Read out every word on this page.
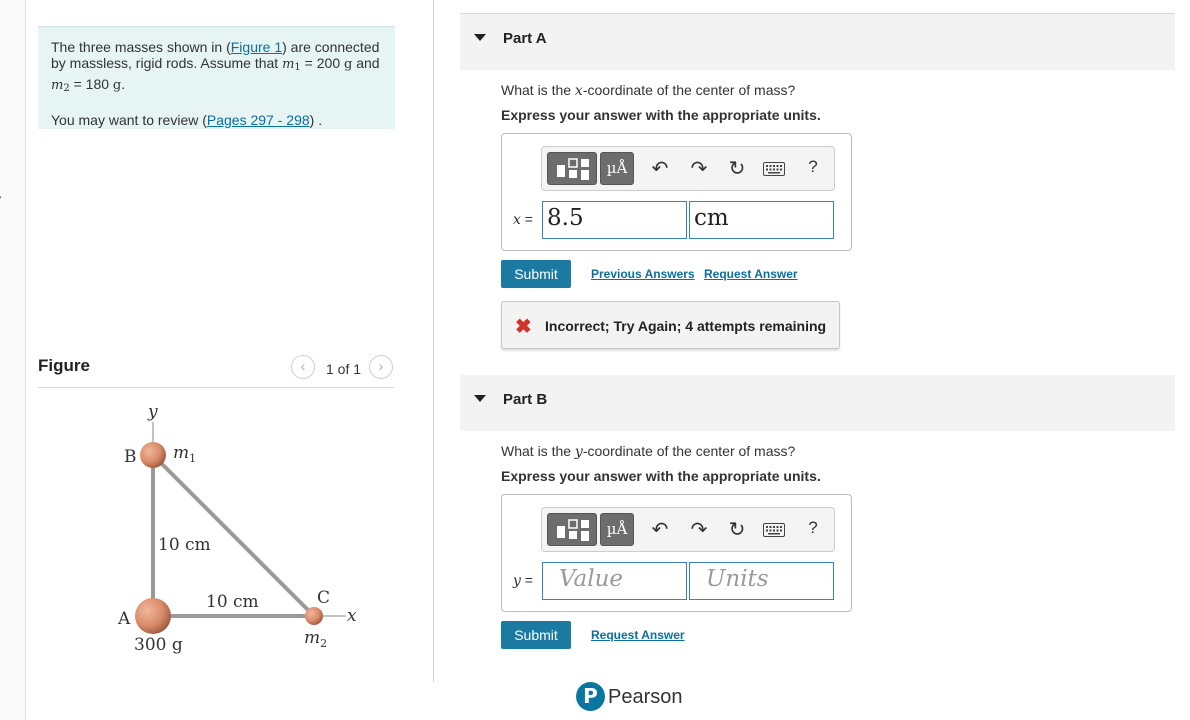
The three masses shown in (Figure 1) are connected by massless, rigid rods. Assume that $m_1 = 200$ g and $m_2 = 180$ g.

You may want to review (Pages 297 - 298) .

Figure	‹	1 of 1	›
y
x
B
A
C
$m_1$
$m_2$
10 cm
10 cm
300 g
Part A
What is the x-coordinate of the center of mass?
Express your answer with the appropriate units.
µÅ	↶ ↷ ↻	?
x = 8.5	cm
Submit	Previous Answers Request Answer
✖ Incorrect; Try Again; 4 attempts remaining
Part B
What is the y-coordinate of the center of mass?
Express your answer with the appropriate units.
µÅ	↶ ↷ ↻	?
y =	Value	Units
Submit	Request Answer
P Pearson
